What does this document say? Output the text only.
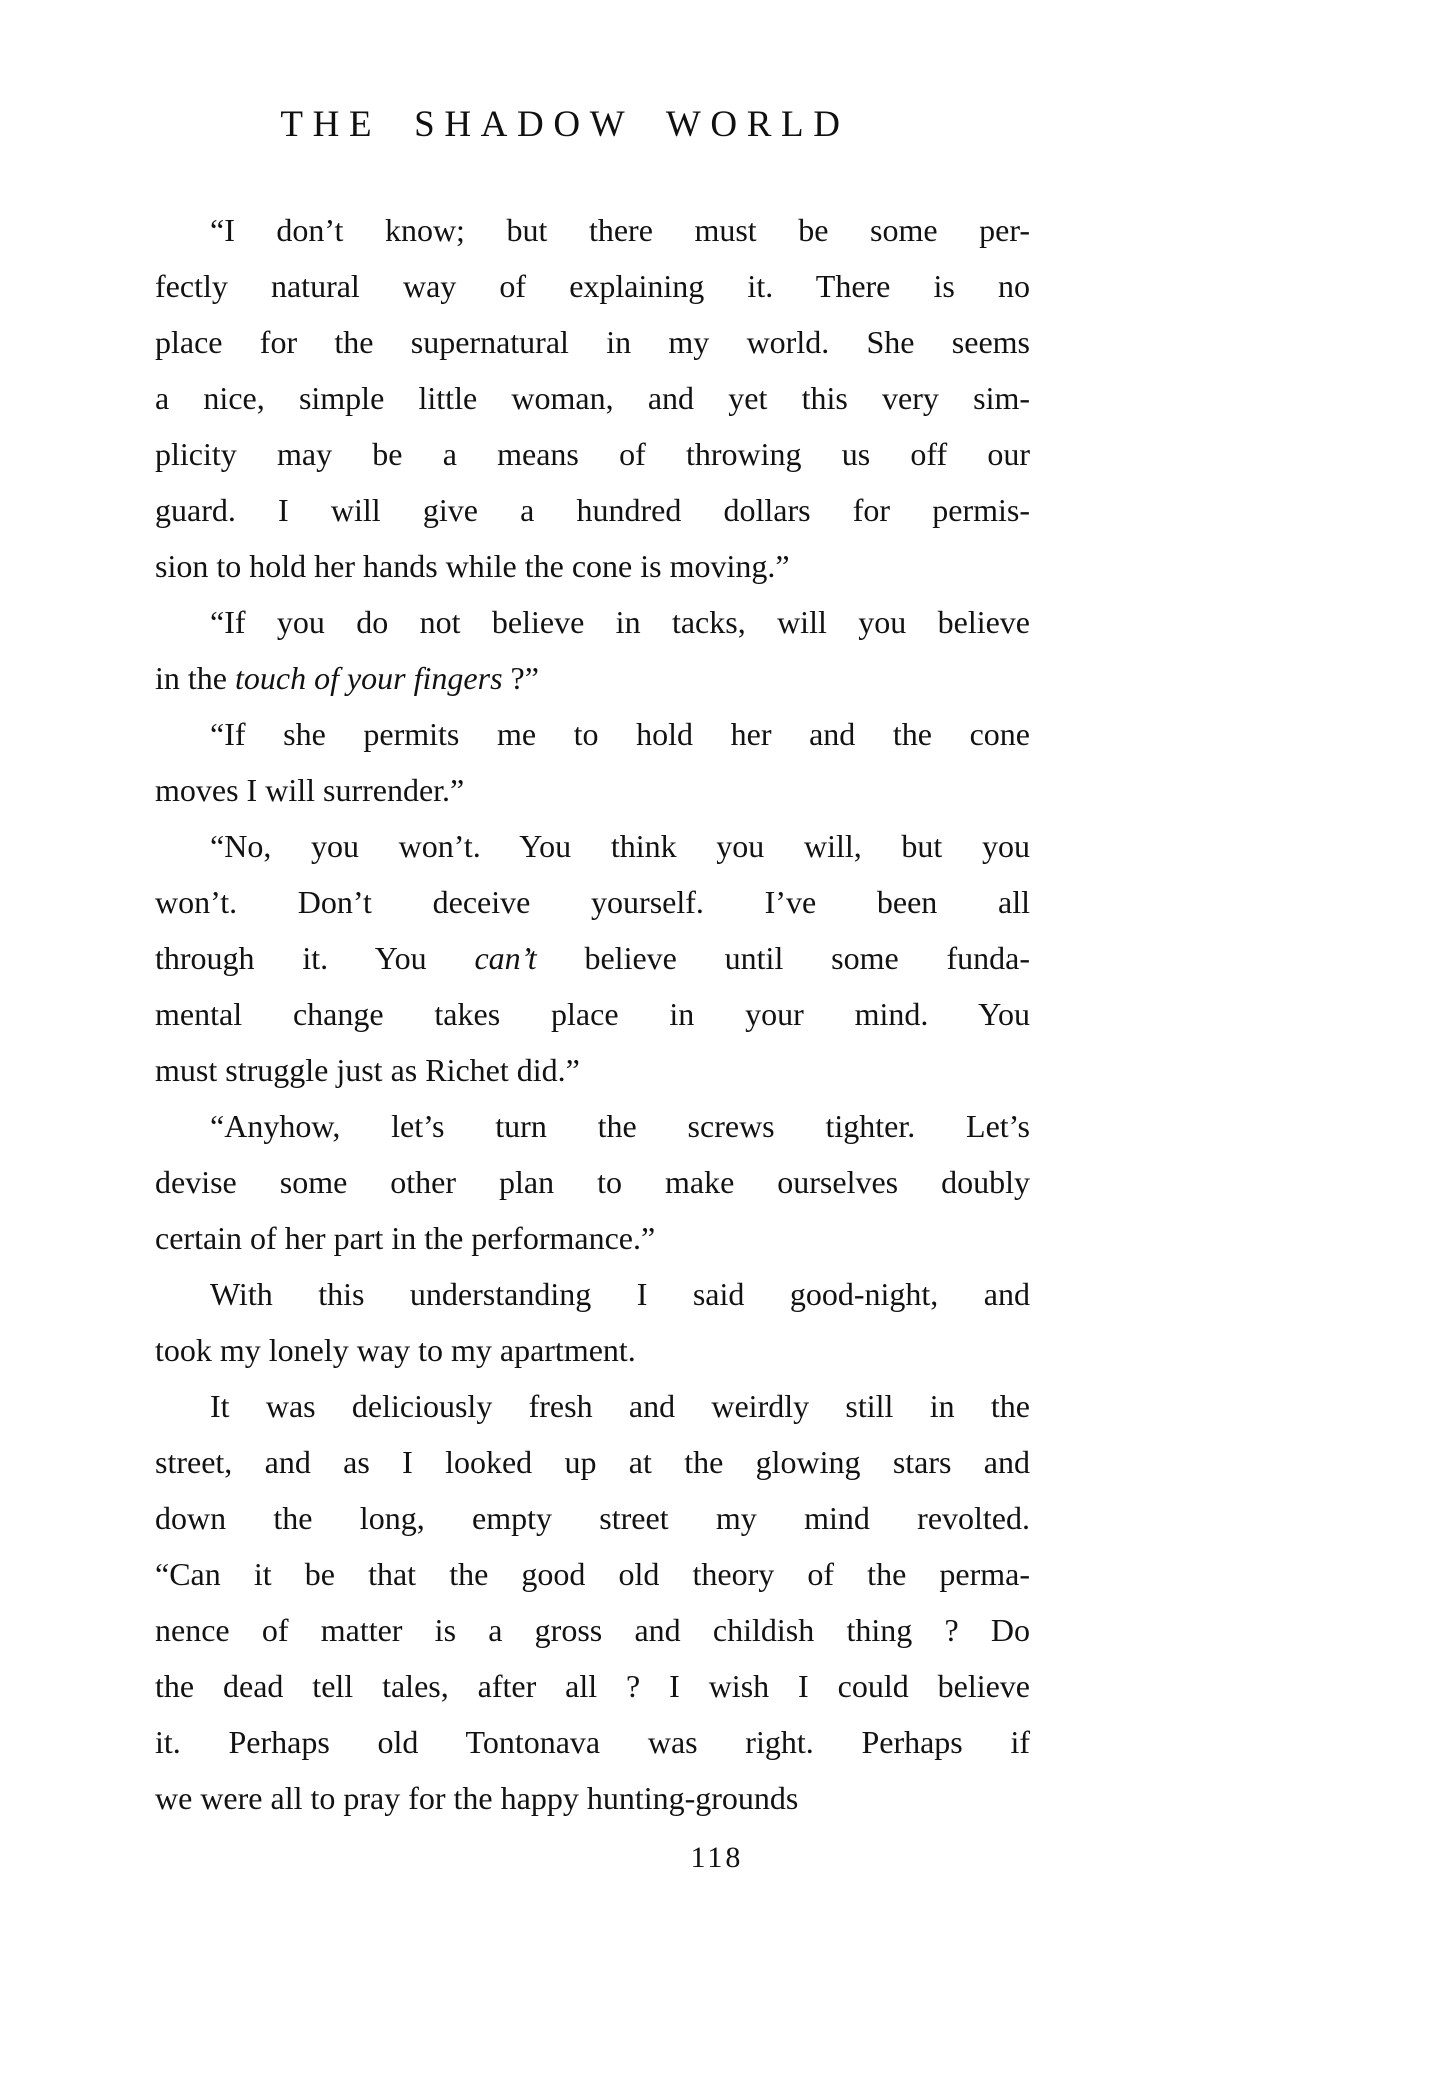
THE SHADOW WORLD
“I don’t know; but there must be some per-
fectly natural way of explaining it. There is no
place for the supernatural in my world. She seems
a nice, simple little woman, and yet this very sim-
plicity may be a means of throwing us off our
guard. I will give a hundred dollars for permis-
sion to hold her hands while the cone is moving.”
“If you do not believe in tacks, will you believe
in the touch of your fingers ?”
“If she permits me to hold her and the cone
moves I will surrender.”
“No, you won’t. You think you will, but you
won’t. Don’t deceive yourself. I’ve been all
through it. You can’t believe until some funda-
mental change takes place in your mind. You
must struggle just as Richet did.”
“Anyhow, let’s turn the screws tighter. Let’s
devise some other plan to make ourselves doubly
certain of her part in the performance.”
With this understanding I said good-night, and
took my lonely way to my apartment.
It was deliciously fresh and weirdly still in the
street, and as I looked up at the glowing stars and
down the long, empty street my mind revolted.
“Can it be that the good old theory of the perma-
nence of matter is a gross and childish thing ? Do
the dead tell tales, after all ? I wish I could believe
it. Perhaps old Tontonava was right. Perhaps if
we were all to pray for the happy hunting-grounds
118
